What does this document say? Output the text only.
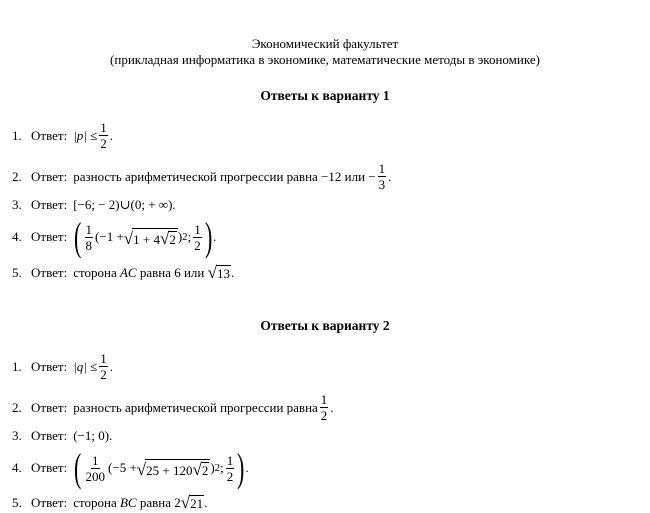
Экономический факультет
(прикладная информатика в экономике, математические методы в экономике)
Ответы к варианту 1
1. Ответ: $|p| \le \frac{1}{2}$ .
2. Ответ: разность арифметической прогрессии равна −12 или − $\frac{1}{3}$ .
3. Ответ: [−6; − 2)∪(0; + ∞).
4. Ответ: ( $\frac{1}{8} (-1$ + √ 1 + 4 √ 2 ) 2 ; $\frac{1}{2}$ ) .
5. Ответ: сторона
AC
равна 6 или
√ 13 .
Ответы к варианту 2
1. Ответ: $|q| \le \frac{1}{2}$ .
2. Ответ: разность арифметической прогрессии равна $\frac{1}{2}$ .
3. Ответ: (−1; 0).
4. Ответ: ( $\frac{1}{200} (-5$ + √ 25 + 120 √ 2 ) 2 ; $\frac{1}{2}$ ) .
5. Ответ: сторона
BC
равна 2 √ 21 .
